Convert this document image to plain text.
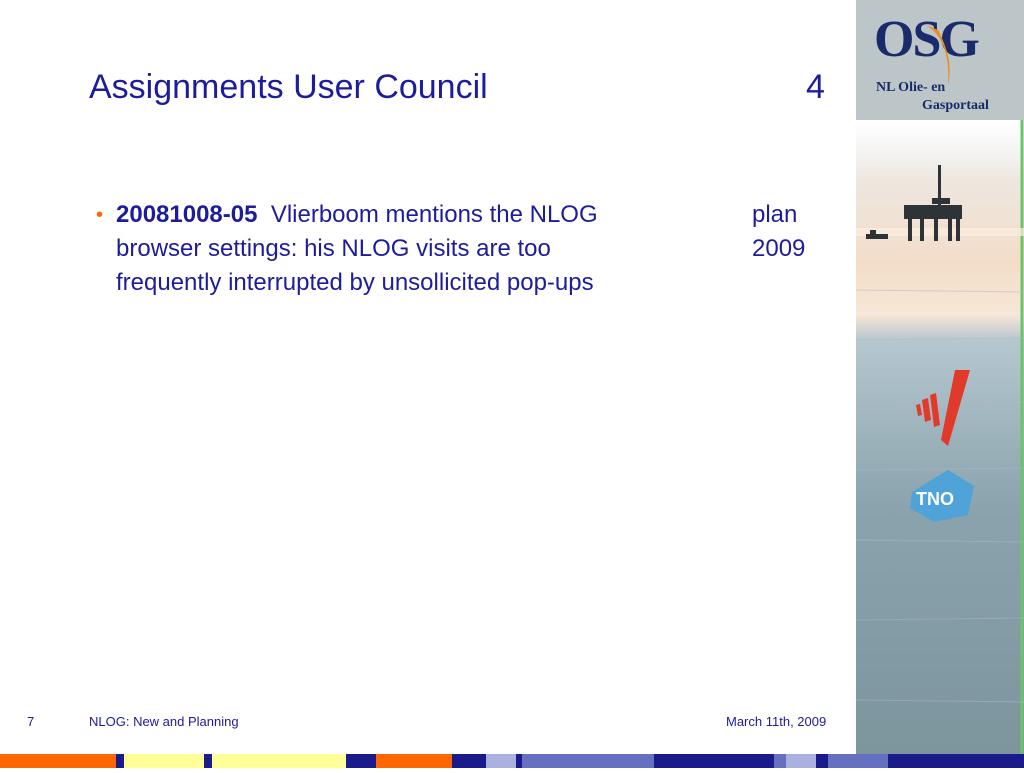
Assignments User Council	4
• 20081008-05 Vlierboom mentions the NLOG
browser settings: his NLOG visits are too
frequently interrupted by unsollicited pop-ups
plan
2009
TNO
OSG
NL Olie- en
Gasportaal
7	NLOG: New and Planning	March 11th, 2009
